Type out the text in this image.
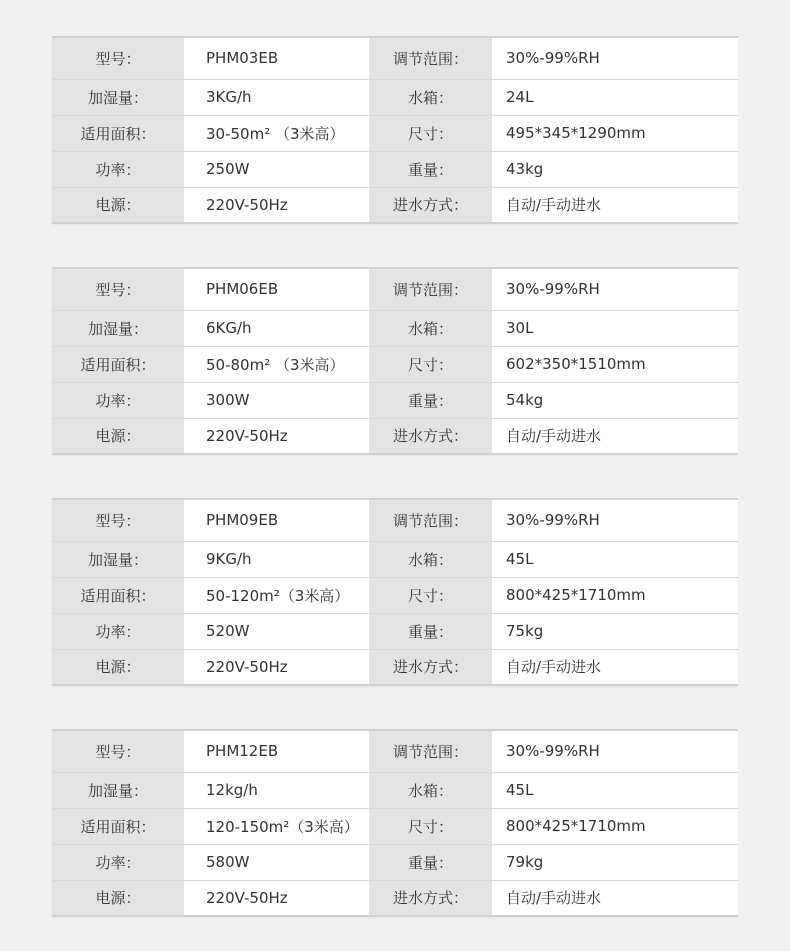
型号：	PHM03EB	调节范围：	30%-99%RH
加湿量：	3KG/h	水箱：	24L
适用面积：	30-50m² （3米高）	尺寸：	495*345*1290mm
功率：	250W	重量：	43kg
电源：	220V-50Hz	进水方式：	自动/手动进水
型号：	PHM06EB	调节范围：	30%-99%RH
加湿量：	6KG/h	水箱：	30L
适用面积：	50-80m² （3米高）	尺寸：	602*350*1510mm
功率：	300W	重量：	54kg
电源：	220V-50Hz	进水方式：	自动/手动进水
型号：	PHM09EB	调节范围：	30%-99%RH
加湿量：	9KG/h	水箱：	45L
适用面积：	50-120m²（3米高）	尺寸：	800*425*1710mm
功率：	520W	重量：	75kg
电源：	220V-50Hz	进水方式：	自动/手动进水
型号：	PHM12EB	调节范围：	30%-99%RH
加湿量：	12kg/h	水箱：	45L
适用面积：	120-150m²（3米高）	尺寸：	800*425*1710mm
功率：	580W	重量：	79kg
电源：	220V-50Hz	进水方式：	自动/手动进水
